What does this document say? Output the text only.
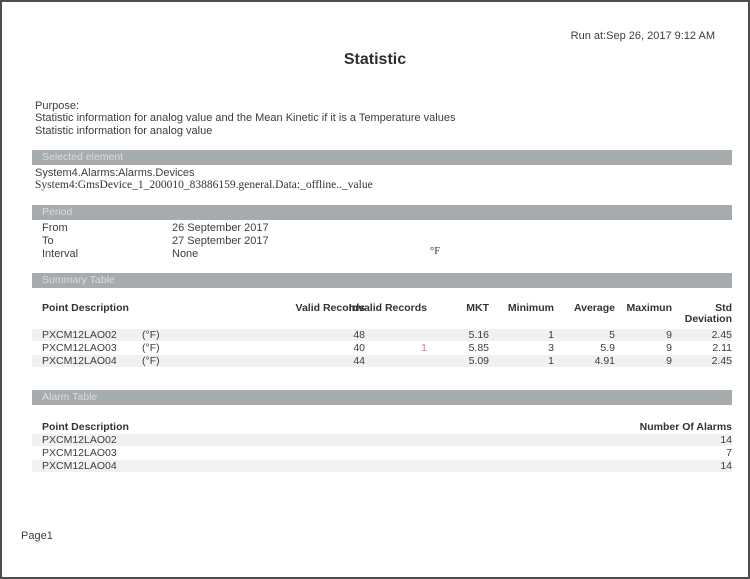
Run at:Sep 26, 2017 9:12 AM
Statistic
Purpose:
Statistic information for analog value and the Mean Kinetic if it is a Temperature values
Statistic information for analog value
Selected element
System4.Alarms:Alarms.Devices
System4:GmsDevice_1_200010_83886159.general.Data:_offline.._value
Period
From	26 September 2017
To	27 September 2017
Interval	None	°F
Summary Table
Point Description		Valid Records	Invalid Records	MKT	Minimum	Average	Maximun	Std Deviation
PXCM12LAO02	(°F)	48		5.16	1	5	9	2.45
PXCM12LAO03	(°F)	40	1	5.85	3	5.9	9	2.11
PXCM12LAO04	(°F)	44		5.09	1	4.91	9	2.45
Alarm Table
Point Description	Number Of Alarms
PXCM12LAO02	14
PXCM12LAO03	7
PXCM12LAO04	14
Page1
